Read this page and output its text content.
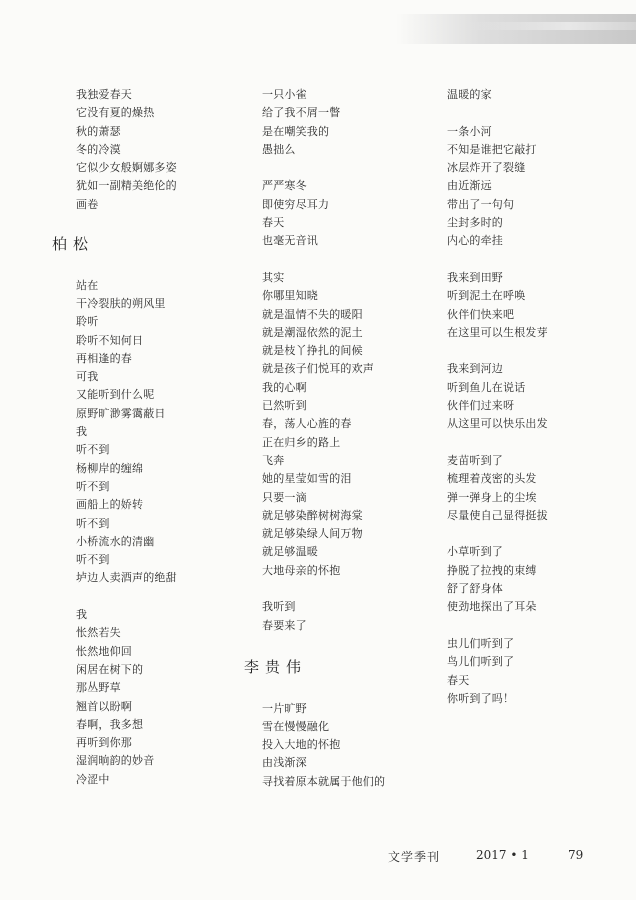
我独爱春天
它没有夏的燥热
秋的萧瑟
冬的冷漠
它似少女般婀娜多姿
犹如一副精美绝伦的
画卷
柏松
站在
干冷裂肤的朔风里
聆听
聆听不知何日
再相逢的春
可我
又能听到什么呢
原野旷渺雾霭蔽日
我
听不到
杨柳岸的缠绵
听不到
画船上的娇转
听不到
小桥流水的清幽
听不到
垆边人卖酒声的绝甜
我
怅然若失
怅然地仰回
闲居在树下的
那丛野草
翘首以盼啊
春啊，我多想
再听到你那
湿润晌韵的妙音
冷涩中
一只小雀
给了我不屑一瞥
是在嘲笑我的
愚拙么
严严寒冬
即使穷尽耳力
春天
也毫无音讯
其实
你哪里知晓
就是温情不失的暖阳
就是潮湿依然的泥土
就是枝丫挣扎的间候
就是孩子们悦耳的欢声
我的心啊
已然听到
春，荡人心旌的春
正在归乡的路上
飞奔
她的星莹如雪的泪
只要一滴
就足够染醉树树海棠
就足够染绿人间万物
就足够温暖
大地母亲的怀抱
我听到
春要来了
李贵伟
一片旷野
雪在慢慢融化
投入大地的怀抱
由浅渐深
寻找着原本就属于他们的
温暖的家
一条小河
不知是谁把它敲打
冰层炸开了裂缝
由近渐远
带出了一句句
尘封多时的
内心的牵挂
我来到田野
听到泥土在呼唤
伙伴们快来吧
在这里可以生根发芽
我来到河边
听到鱼儿在说话
伙伴们过来呀
从这里可以快乐出发
麦苗听到了
梳理着茂密的头发
弹一弹身上的尘埃
尽量使自己显得挺拔
小草听到了
挣脱了拉拽的束缚
舒了舒身体
使劲地探出了耳朵
虫儿们听到了
鸟儿们听到了
春天
你听到了吗！
文学季刊	2017 • 1	79
